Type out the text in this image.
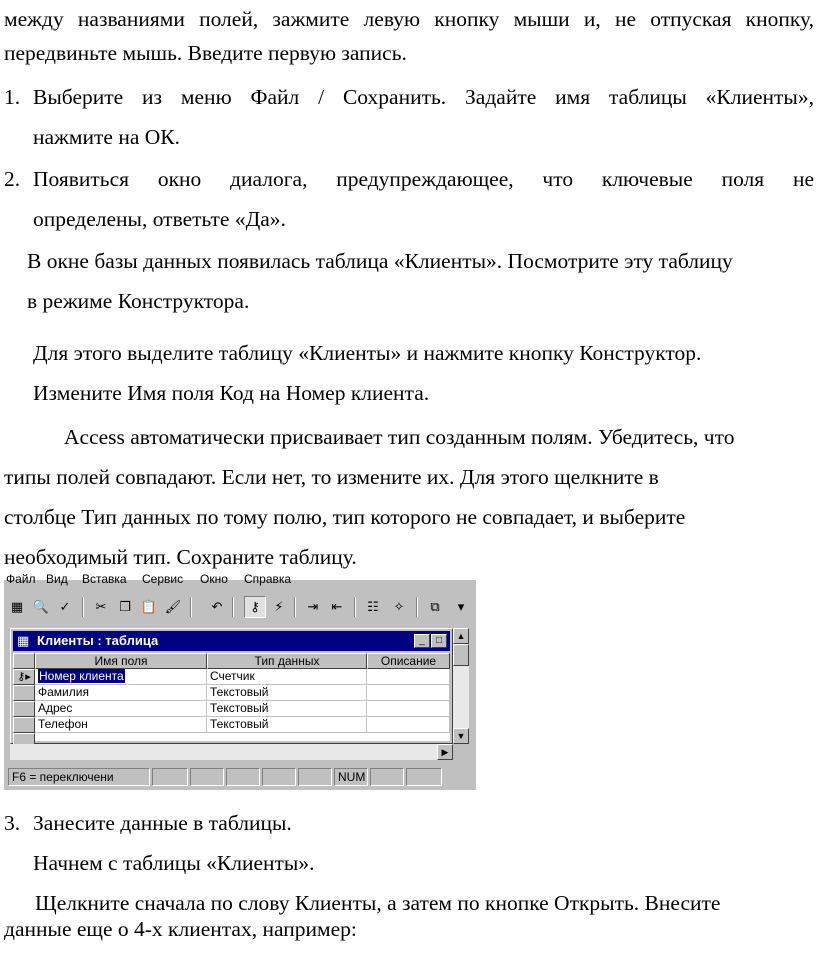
между названиями полей, зажмите левую кнопку мыши и, не отпуская кнопку,
передвиньте мышь. Введите первую запись.
1. Выберите из меню Файл / Сохранить. Задайте имя таблицы «Клиенты»,
нажмите на ОК.
2. Появиться окно диалога, предупреждающее, что ключевые поля не
определены, ответьте «Да».
В окне базы данных появилась таблица «Клиенты». Посмотрите эту таблицу
в режиме Конструктора.
Для этого выделите таблицу «Клиенты» и нажмите кнопку Конструктор.
Измените Имя поля Код на Номер клиента.
Access автоматически присваивает тип созданным полям. Убедитесь, что
типы полей совпадают. Если нет, то измените их. Для этого щелкните в
столбце Тип данных по тому полю, тип которого не совпадает, и выберите
необходимый тип. Сохраните таблицу.
Файл Вид Вставка Сервис Окно Справка
▦ 🔍 ✓	✂ ❐ 📋 🖌	↶	⚷	⚡	⇥	⇤	☷	✧	⧉	▾
▦ Клиенты : таблица	_	□
Имя поля	Тип данных	Описание
⚷▸ Номер клиента	Счетчик
Фамилия	Текстовый
Адрес	Текстовый
Телефон	Текстовый
▲
▼
▶
F6 = переключени	NUM
3. Занесите данные в таблицы.
Начнем с таблицы «Клиенты».
Щелкните сначала по слову Клиенты, а затем по кнопке Открыть. Внесите
данные еще о 4-х клиентах, например:
